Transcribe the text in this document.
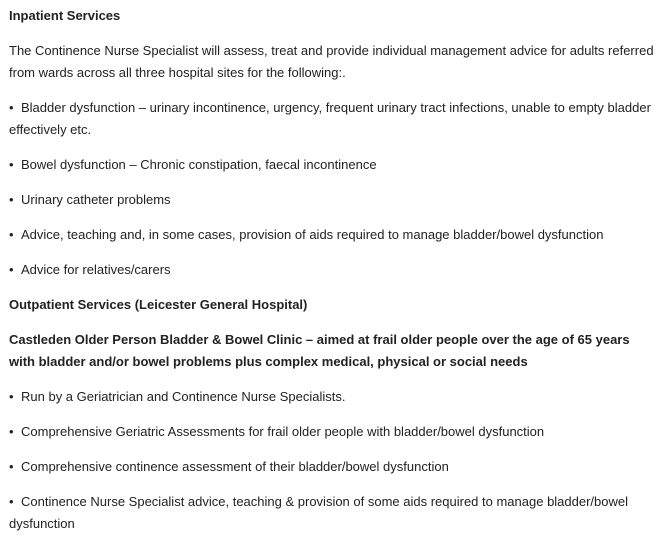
Inpatient Services
The Continence Nurse Specialist will assess, treat and provide individual management advice for adults referred from wards across all three hospital sites for the following:.
• Bladder dysfunction – urinary incontinence, urgency, frequent urinary tract infections, unable to empty bladder effectively etc.
• Bowel dysfunction – Chronic constipation, faecal incontinence
• Urinary catheter problems
• Advice, teaching and, in some cases, provision of aids required to manage bladder/bowel dysfunction
• Advice for relatives/carers
Outpatient Services (Leicester General Hospital)
Castleden Older Person Bladder & Bowel Clinic – aimed at frail older people over the age of 65 years with bladder and/or bowel problems plus complex medical, physical or social needs
• Run by a Geriatrician and Continence Nurse Specialists.
• Comprehensive Geriatric Assessments for frail older people with bladder/bowel dysfunction
• Comprehensive continence assessment of their bladder/bowel dysfunction
• Continence Nurse Specialist advice, teaching & provision of some aids required to manage bladder/bowel dysfunction
